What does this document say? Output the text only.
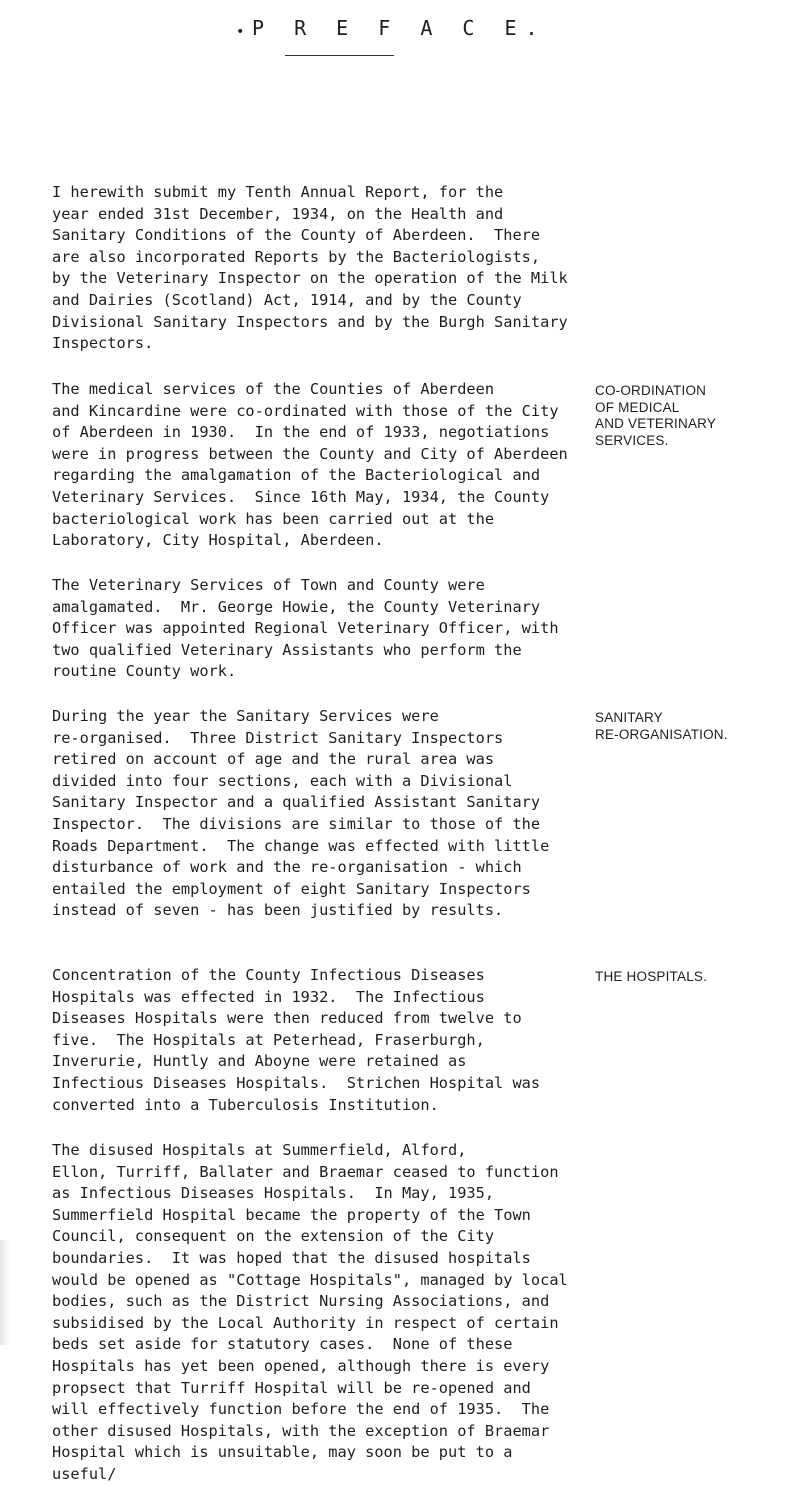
• P R E F A C E.
I herewith submit my Tenth Annual Report, for the
year ended 31st December, 1934, on the Health and
Sanitary Conditions of the County of Aberdeen.  There
are also incorporated Reports by the Bacteriologists,
by the Veterinary Inspector on the operation of the Milk
and Dairies (Scotland) Act, 1914, and by the County
Divisional Sanitary Inspectors and by the Burgh Sanitary
Inspectors.
The medical services of the Counties of Aberdeen
and Kincardine were co-ordinated with those of the City
of Aberdeen in 1930.  In the end of 1933, negotiations
were in progress between the County and City of Aberdeen
regarding the amalgamation of the Bacteriological and
Veterinary Services.  Since 16th May, 1934, the County
bacteriological work has been carried out at the
Laboratory, City Hospital, Aberdeen.
CO-ORDINATION
OF MEDICAL
AND VETERINARY
SERVICES.
The Veterinary Services of Town and County were
amalgamated.  Mr. George Howie, the County Veterinary
Officer was appointed Regional Veterinary Officer, with
two qualified Veterinary Assistants who perform the
routine County work.
During the year the Sanitary Services were
re-organised.  Three District Sanitary Inspectors
retired on account of age and the rural area was
divided into four sections, each with a Divisional
Sanitary Inspector and a qualified Assistant Sanitary
Inspector.  The divisions are similar to those of the
Roads Department.  The change was effected with little
disturbance of work and the re-organisation - which
entailed the employment of eight Sanitary Inspectors
instead of seven - has been justified by results.
SANITARY
RE-ORGANISATION.
Concentration of the County Infectious Diseases
Hospitals was effected in 1932.  The Infectious
Diseases Hospitals were then reduced from twelve to
five.  The Hospitals at Peterhead, Fraserburgh,
Inverurie, Huntly and Aboyne were retained as
Infectious Diseases Hospitals.  Strichen Hospital was
converted into a Tuberculosis Institution.
THE HOSPITALS.
The disused Hospitals at Summerfield, Alford,
Ellon, Turriff, Ballater and Braemar ceased to function
as Infectious Diseases Hospitals.  In May, 1935,
Summerfield Hospital became the property of the Town
Council, consequent on the extension of the City
boundaries.  It was hoped that the disused hospitals
would be opened as "Cottage Hospitals", managed by local
bodies, such as the District Nursing Associations, and
subsidised by the Local Authority in respect of certain
beds set aside for statutory cases.  None of these
Hospitals has yet been opened, although there is every
propsect that Turriff Hospital will be re-opened and
will effectively function before the end of 1935.  The
other disused Hospitals, with the exception of Braemar
Hospital which is unsuitable, may soon be put to a
useful/
